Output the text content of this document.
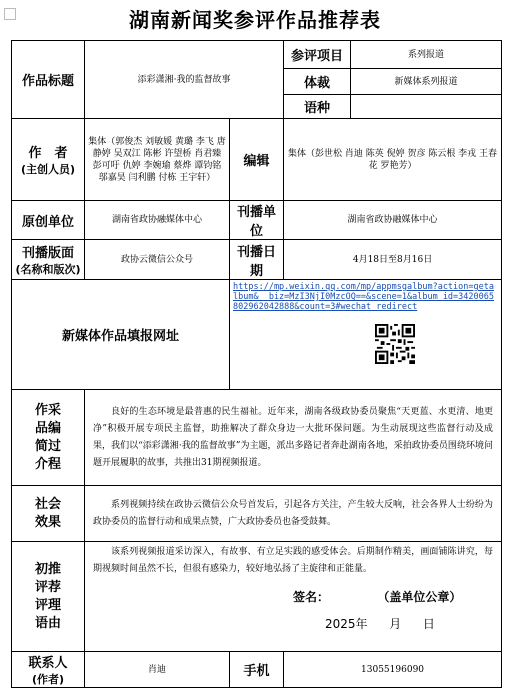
湖南新闻奖参评作品推荐表
作品标题	添彩潇湘·我的监督故事		参评项目	系列报道
			体裁	新媒体系列报道
			语种	
作　者
(主创人员)	集体（郭俊杰 刘敏媛 黄璐 李飞 唐静婷 吴双江 陈彬 许望桥 肖君臻 彭可吁 仇婷 李婉瑜 蔡烨 谭钧铭 邬嘉昊 闫利鹏 付栋 王宇轩）	编辑	集体（彭世松 肖迪 陈英 倪婷 贺彦 陈云根 李戎 王春花 罗艳芳）	
原创单位	湖南省政协融媒体中心	刊播单位	湖南省政协融媒体中心	
刊播版面
(名称和版次)	政协云微信公众号	刊播日期	4月18日至8月16日	
新媒体作品填报网址		https://mp.weixin.qq.com/mp/appmsgalbum?action=getalbum&__biz=MzI3NjI0MzcOQ==&scene=1&album_id=3420065802962042888&count=3#wechat_redirect		

作采品编简过介程	良好的生态环境是最普惠的民生福祉。近年来，湖南各级政协委员聚焦“天更蓝、水更清、地更净”积极开展专项民主监督，助推解决了群众身边一大批环保问题。为生动展现这些监督行动及成果，我们以“添彩潇湘·我的监督故事”为主题，派出多路记者奔赴湖南各地，采拍政协委员围绕环境问题开展履职的故事，共推出31期视频报道。			
社会效果	系列视频持续在政协云微信公众号首发后，引起各方关注，产生较大反响，社会各界人士纷纷为政协委员的监督行动和成果点赞，广大政协委员也备受鼓舞。			
初推评荐评理语由	该系列视频报道采访深入，有故事、有立足实践的感受体会。后期制作精美，画面铺陈讲究，每期视频时间虽然不长，但很有感染力，较好地弘扬了主旋律和正能量。
签名： （盖单位公章）
2025年 月 日			

联系人
(作者)	肖迪	手机	13055196090	
